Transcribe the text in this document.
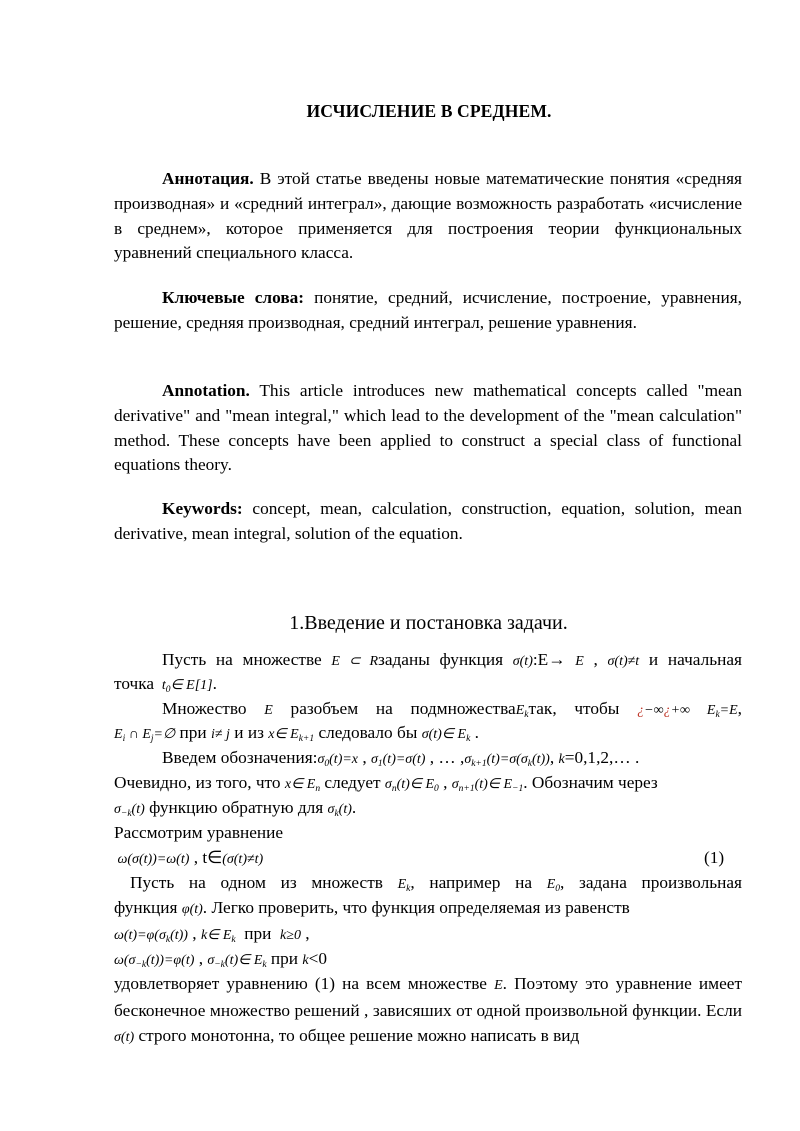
ИСЧИСЛЕНИЕ В СРЕДНЕМ.
Аннотация. В этой статье введены новые математические понятия «средняя производная» и «средний интеграл», дающие возможность разработать «исчисление в среднем», которое применяется для построения теории функциональных уравнений специального класса.
Ключевые слова: понятие, средний, исчисление, построение, уравнения, решение, средняя производная, средний интеграл, решение уравнения.
Annotation. This article introduces new mathematical concepts called "mean derivative" and "mean integral," which lead to the development of the "mean calculation" method. These concepts have been applied to construct a special class of functional equations theory.
Keywords: concept, mean, calculation, construction, equation, solution, mean derivative, mean integral, solution of the equation.
1.Введение и постановка задачи.
Пусть на множестве E ⊂ Rзаданы функция σ(t):E→ E , σ(t)≠t и начальная
точка  $t_0\in$ E[1].
Множество E разобъем на подмножестваE$_k$так, чтобы ¿−∞¿+∞ $E_k=E$,
$E_i$ ∩ $E_j=\emptyset$ при i≠ j и из x∈ $E_{k+1}$ следовало бы σ(t)∈ $E_k$ .
Введем $обозначения:\sigma_0(t)=x$ , $\sigma_1(t)=\sigma(t)$ , … $,\sigma_{k+1}(t)=\sigma(\sigma_k(t))$, k=0,1,2,… .
Очевидно, из того, что x∈ $E_n$ следует $\sigma_n(t)\in$ $E_0$ , $\sigma_{n+1}(t)\in$ $E_{-1}$. Обозначим через
$\sigma_{-k}(t)$ функцию обратную для $\sigma_k(t)$.
Рассмотрим уравнение
ω(σ(t))=ω(t) , t∈(σ(t)≠t)	(1)
Пусть на одном из множеств $E_k$, например на $E_0$, задана произвольная
функция φ(t). Легко проверить, что функция определяемая из равенств
$\omega(t)=\varphi(\sigma_k(t))$ , k∈ $E_k$ при k≥0 ,
$\omega(\sigma_{-k}(t))=\varphi(t)$ , $\sigma_{-k}(t)\in$ $E_k$ при k<0
удовлетворяет уравнению (1) на всем множестве E. Поэтому это уравнение имеет бесконечное множество решений , зависяших от одной произвольной функции. Если σ(t) строго монотонна, то общее решение можно написать в вид
